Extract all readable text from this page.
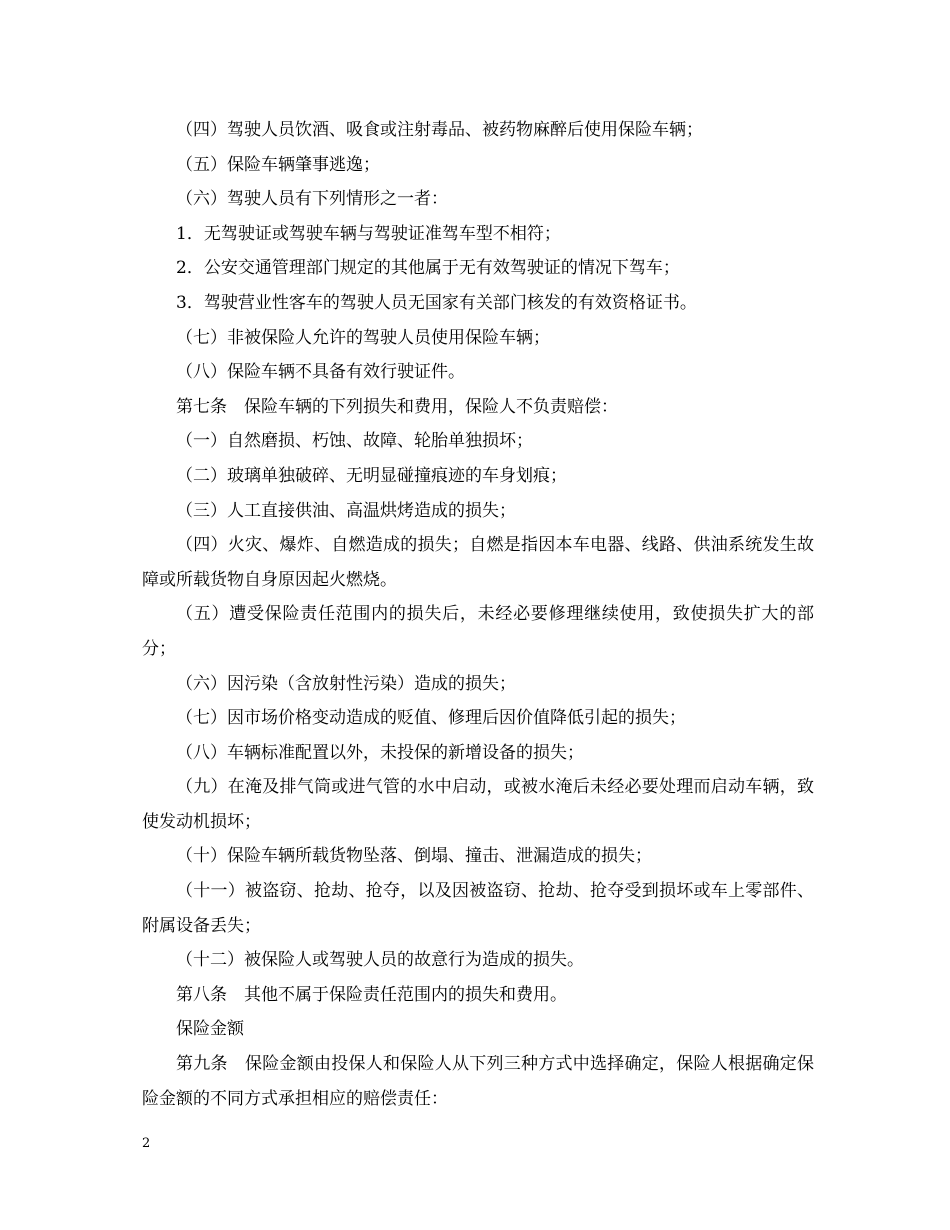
（四）驾驶人员饮酒、吸食或注射毒品、被药物麻醉后使用保险车辆；

（五）保险车辆肇事逃逸；

（六）驾驶人员有下列情形之一者：

1．无驾驶证或驾驶车辆与驾驶证准驾车型不相符；

2．公安交通管理部门规定的其他属于无有效驾驶证的情况下驾车；

3．驾驶营业性客车的驾驶人员无国家有关部门核发的有效资格证书。

（七）非被保险人允许的驾驶人员使用保险车辆；

（八）保险车辆不具备有效行驶证件。

第七条　保险车辆的下列损失和费用，保险人不负责赔偿：

（一）自然磨损、朽蚀、故障、轮胎单独损坏；

（二）玻璃单独破碎、无明显碰撞痕迹的车身划痕；

（三）人工直接供油、高温烘烤造成的损失；

（四）火灾、爆炸、自燃造成的损失；自燃是指因本车电器、线路、供油系统发生故障或所载货物自身原因起火燃烧。

（五）遭受保险责任范围内的损失后，未经必要修理继续使用，致使损失扩大的部分；

（六）因污染（含放射性污染）造成的损失；

（七）因市场价格变动造成的贬值、修理后因价值降低引起的损失；

（八）车辆标准配置以外，未投保的新增设备的损失；

（九）在淹及排气筒或进气管的水中启动，或被水淹后未经必要处理而启动车辆，致使发动机损坏；

（十）保险车辆所载货物坠落、倒塌、撞击、泄漏造成的损失；

（十一）被盗窃、抢劫、抢夺，以及因被盗窃、抢劫、抢夺受到损坏或车上零部件、附属设备丢失；

（十二）被保险人或驾驶人员的故意行为造成的损失。

第八条　其他不属于保险责任范围内的损失和费用。

保险金额

第九条　保险金额由投保人和保险人从下列三种方式中选择确定，保险人根据确定保险金额的不同方式承担相应的赔偿责任：

2
